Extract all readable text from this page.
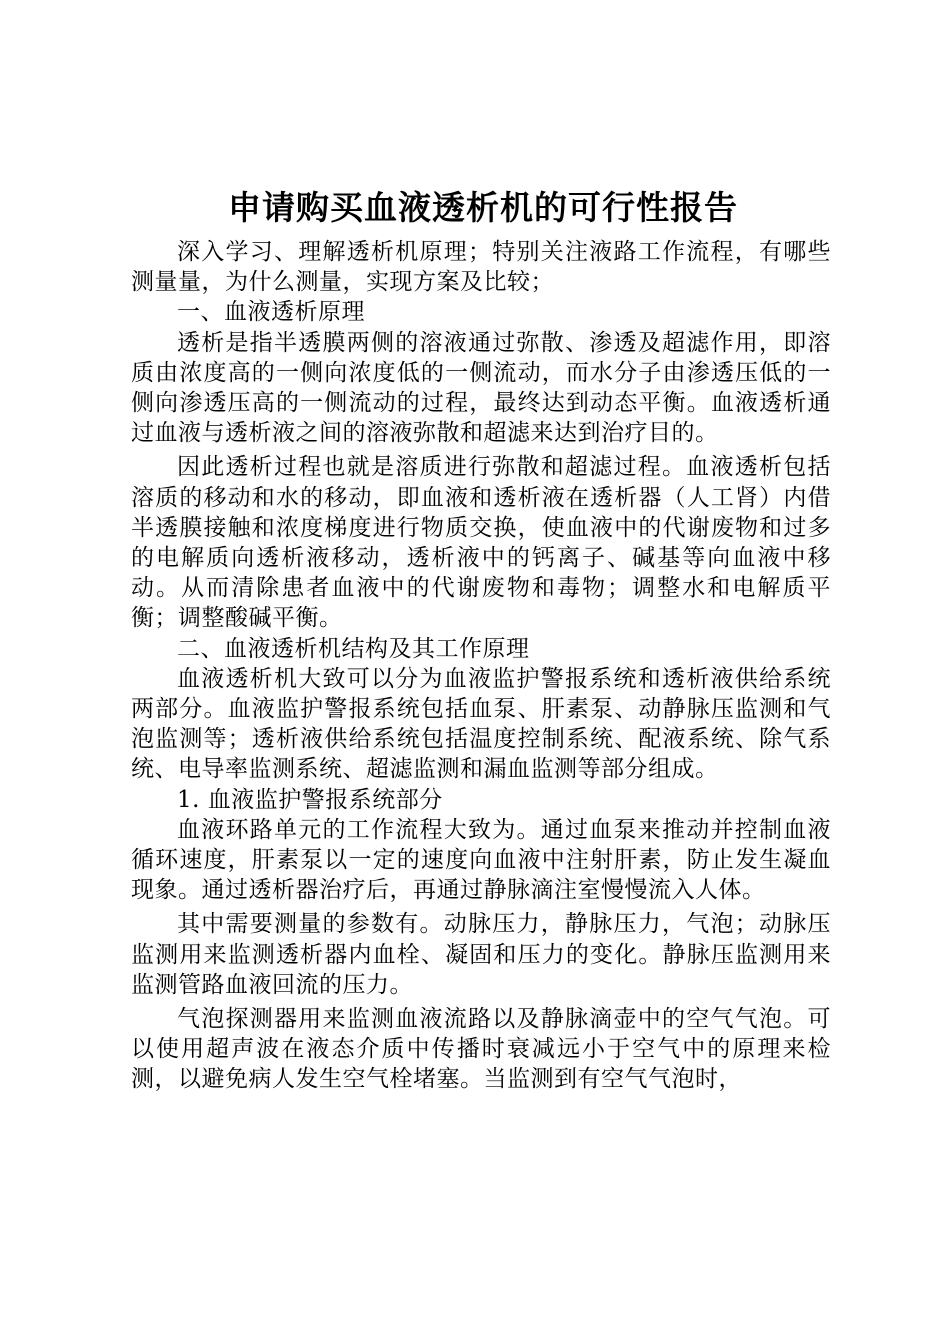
申请购买血液透析机的可行性报告

深入学习、理解透析机原理；特别关注液路工作流程，有哪些测量量，为什么测量，实现方案及比较；

一、血液透析原理

透析是指半透膜两侧的溶液通过弥散、渗透及超滤作用，即溶质由浓度高的一侧向浓度低的一侧流动，而水分子由渗透压低的一侧向渗透压高的一侧流动的过程，最终达到动态平衡。血液透析通过血液与透析液之间的溶液弥散和超滤来达到治疗目的。

因此透析过程也就是溶质进行弥散和超滤过程。血液透析包括溶质的移动和水的移动，即血液和透析液在透析器（人工肾）内借半透膜接触和浓度梯度进行物质交换，使血液中的代谢废物和过多的电解质向透析液移动，透析液中的钙离子、碱基等向血液中移动。从而清除患者血液中的代谢废物和毒物；调整水和电解质平衡；调整酸碱平衡。

二、血液透析机结构及其工作原理

血液透析机大致可以分为血液监护警报系统和透析液供给系统两部分。血液监护警报系统包括血泵、肝素泵、动静脉压监测和气泡监测等；透析液供给系统包括温度控制系统、配液系统、除气系统、电导率监测系统、超滤监测和漏血监测等部分组成。

1. 血液监护警报系统部分

血液环路单元的工作流程大致为。通过血泵来推动并控制血液循环速度，肝素泵以一定的速度向血液中注射肝素，防止发生凝血现象。通过透析器治疗后，再通过静脉滴注室慢慢流入人体。

其中需要测量的参数有。动脉压力，静脉压力，气泡；动脉压监测用来监测透析器内血栓、凝固和压力的变化。静脉压监测用来监测管路血液回流的压力。

气泡探测器用来监测血液流路以及静脉滴壶中的空气气泡。可以使用超声波在液态介质中传播时衰减远小于空气中的原理来检测，以避免病人发生空气栓堵塞。当监测到有空气气泡时，
